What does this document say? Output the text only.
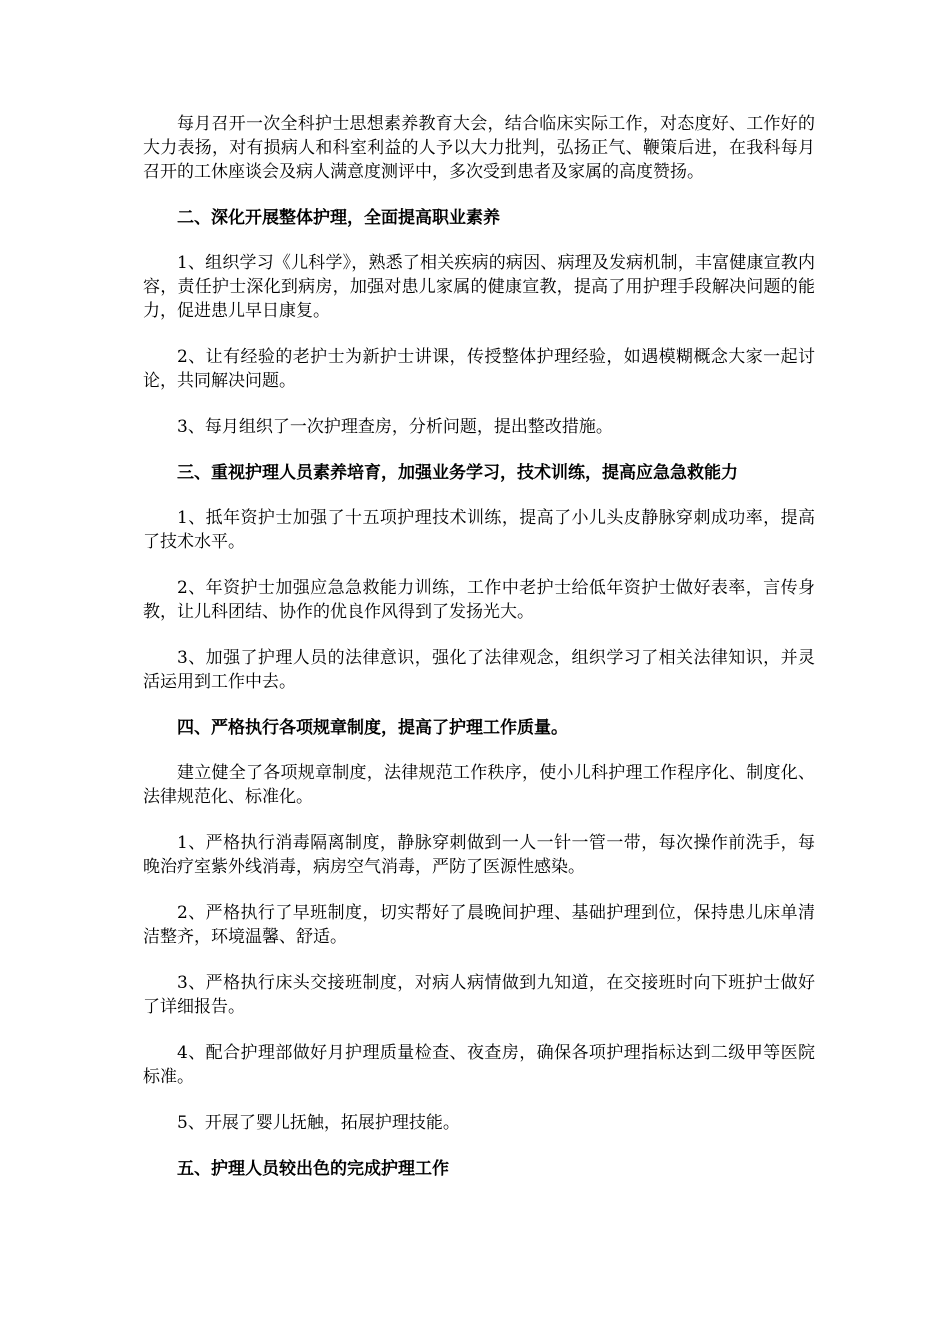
每月召开一次全科护士思想素养教育大会，结合临床实际工作，对态度好、工作好的大力表扬，对有损病人和科室利益的人予以大力批判，弘扬正气、鞭策后进，在我科每月召开的工休座谈会及病人满意度测评中，多次受到患者及家属的高度赞扬。

二、深化开展整体护理，全面提高职业素养

1、组织学习《儿科学》，熟悉了相关疾病的病因、病理及发病机制，丰富健康宣教内容，责任护士深化到病房，加强对患儿家属的健康宣教，提高了用护理手段解决问题的能力，促进患儿早日康复。

2、让有经验的老护士为新护士讲课，传授整体护理经验，如遇模糊概念大家一起讨论，共同解决问题。

3、每月组织了一次护理查房，分析问题，提出整改措施。

三、重视护理人员素养培育，加强业务学习，技术训练，提高应急急救能力

1、抵年资护士加强了十五项护理技术训练，提高了小儿头皮静脉穿刺成功率，提高了技术水平。

2、年资护士加强应急急救能力训练，工作中老护士给低年资护士做好表率，言传身教，让儿科团结、协作的优良作风得到了发扬光大。

3、加强了护理人员的法律意识，强化了法律观念，组织学习了相关法律知识，并灵活运用到工作中去。

四、严格执行各项规章制度，提高了护理工作质量。

建立健全了各项规章制度，法律规范工作秩序，使小儿科护理工作程序化、制度化、法律规范化、标准化。

1、严格执行消毒隔离制度，静脉穿刺做到一人一针一管一带，每次操作前洗手，每晚治疗室紫外线消毒，病房空气消毒，严防了医源性感染。

2、严格执行了早班制度，切实帮好了晨晚间护理、基础护理到位，保持患儿床单清洁整齐，环境温馨、舒适。

3、严格执行床头交接班制度，对病人病情做到九知道，在交接班时向下班护士做好了详细报告。

4、配合护理部做好月护理质量检查、夜查房，确保各项护理指标达到二级甲等医院标准。

5、开展了婴儿抚触，拓展护理技能。

五、护理人员较出色的完成护理工作
